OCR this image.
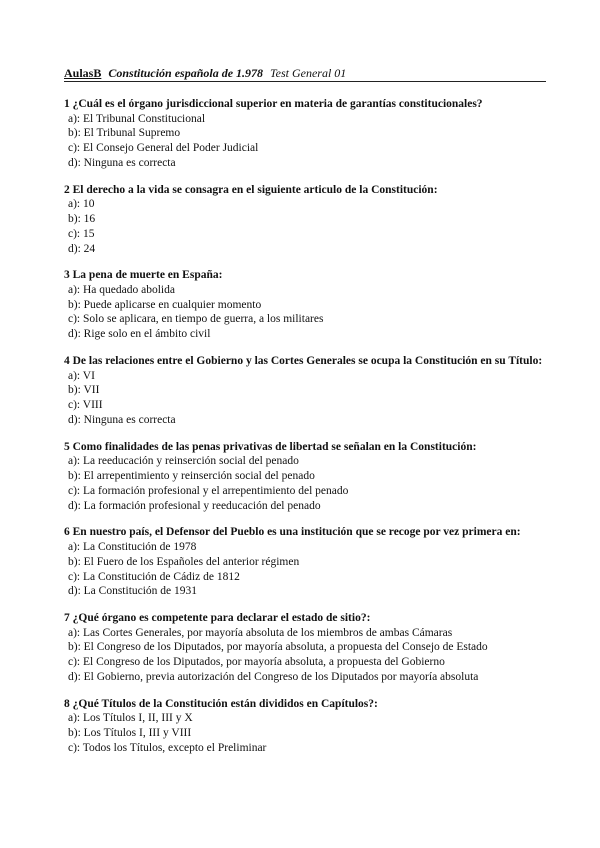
AulasB Constitución española de 1.978 Test General 01
1 ¿Cuál es el órgano jurisdiccional superior en materia de garantías constitucionales?
a): El Tribunal Constitucional
b): El Tribunal Supremo
c): El Consejo General del Poder Judicial
d): Ninguna es correcta
2 El derecho a la vida se consagra en el siguiente articulo de la Constitución:
a): 10
b): 16
c): 15
d): 24
3 La pena de muerte en España:
a): Ha quedado abolida
b): Puede aplicarse en cualquier momento
c): Solo se aplicara, en tiempo de guerra, a los militares
d): Rige solo en el ámbito civil
4 De las relaciones entre el Gobierno y las Cortes Generales se ocupa la Constitución en su Título:
a): VI
b): VII
c): VIII
d): Ninguna es correcta
5 Como finalidades de las penas privativas de libertad se señalan en la Constitución:
a): La reeducación y reinserción social del penado
b): El arrepentimiento y reinserción social del penado
c): La formación profesional y el arrepentimiento del penado
d): La formación profesional y reeducación del penado
6 En nuestro país, el Defensor del Pueblo es una institución que se recoge por vez primera en:
a): La Constitución de 1978
b): El Fuero de los Españoles del anterior régimen
c): La Constitución de Cádiz de 1812
d): La Constitución de 1931
7 ¿Qué órgano es competente para declarar el estado de sitio?:
a): Las Cortes Generales, por mayoría absoluta de los miembros de ambas Cámaras
b): El Congreso de los Diputados, por mayoría absoluta, a propuesta del Consejo de Estado
c): El Congreso de los Diputados, por mayoría absoluta, a propuesta del Gobierno
d): El Gobierno, previa autorización del Congreso de los Diputados por mayoría absoluta
8 ¿Qué Títulos de la Constitución están divididos en Capítulos?:
a): Los Títulos I, II, III y X
b): Los Títulos I, III y VIII
c): Todos los Títulos, excepto el Preliminar
